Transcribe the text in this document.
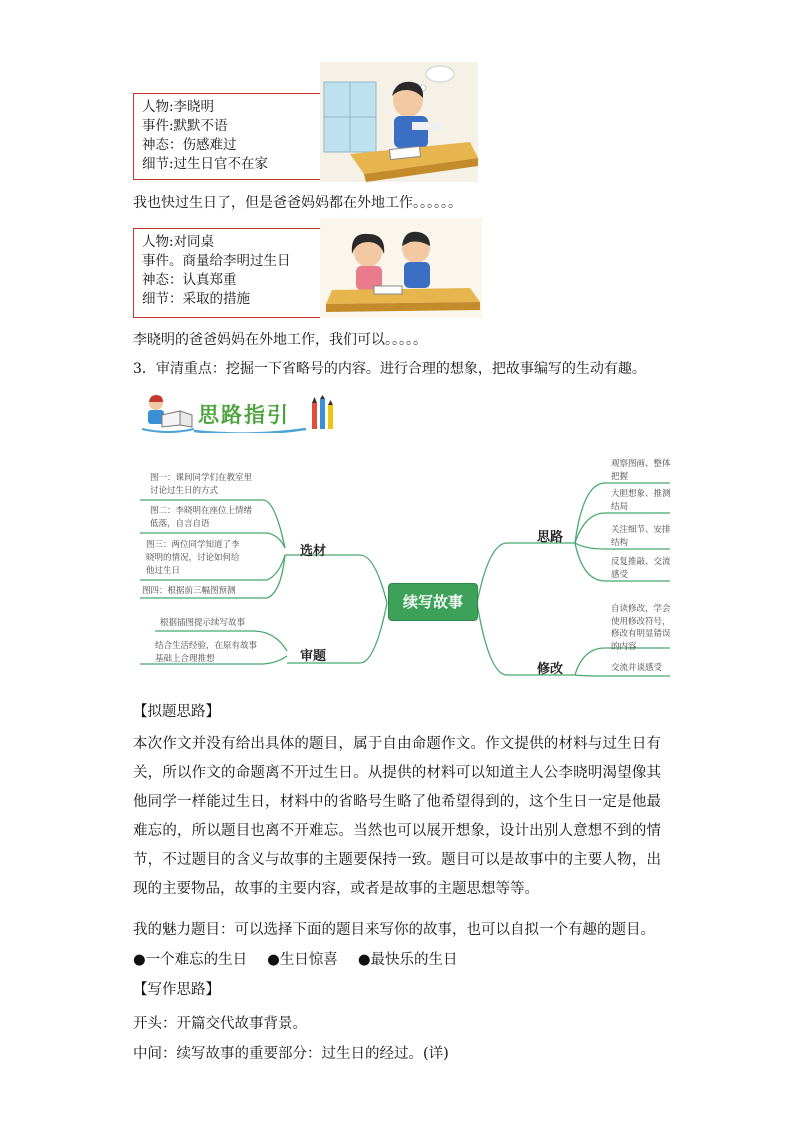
人物:李晓明
事件:默默不语
神态：伤感难过
细节:过生日官不在家
我也快过生日了，但是爸爸妈妈都在外地工作。。。。。。
人物:对同桌
事件。商量给李明过生日
神态：认真郑重
细节：采取的措施
李晓明的爸爸妈妈在外地工作，我们可以。。。。。
3．审清重点：挖掘一下省略号的内容。进行合理的想象，把故事编写的生动有趣。
思路指引
续写故事
选材
审题
图一：课间同学们在教室里讨论过生日的方式
图二：李晓明在座位上情绪低落，自言自语
图三：两位同学知道了李晓明的情况，讨论如何给他过生日
图四：根据前三幅图预测
根据插图提示续写故事
结合生活经验，在原有故事基础上合理推想
思路
修改
观察图画、整体把握
大胆想象、推测结局
关注细节、安排结构
反复推敲、交流感受
自读修改，学会使用修改符号，修改有明显错误的内容
交流并谈感受
【拟题思路】
本次作文并没有给出具体的题目，属于自由命题作文。作文提供的材料与过生日有关，所以作文的命题离不开过生日。从提供的材料可以知道主人公李晓明渴望像其他同学一样能过生日，材料中的省略号生略了他希望得到的，这个生日一定是他最难忘的，所以题目也离不开难忘。当然也可以展开想象，设计出别人意想不到的情节，不过题目的含义与故事的主题要保持一致。题目可以是故事中的主要人物，出现的主要物品，故事的主要内容，或者是故事的主题思想等等。
我的魅力题目：可以选择下面的题目来写你的故事，也可以自拟一个有趣的题目。
●一个难忘的生日 ●生日惊喜 ●最快乐的生日
【写作思路】
开头：开篇交代故事背景。
中间：续写故事的重要部分：过生日的经过。(详)
